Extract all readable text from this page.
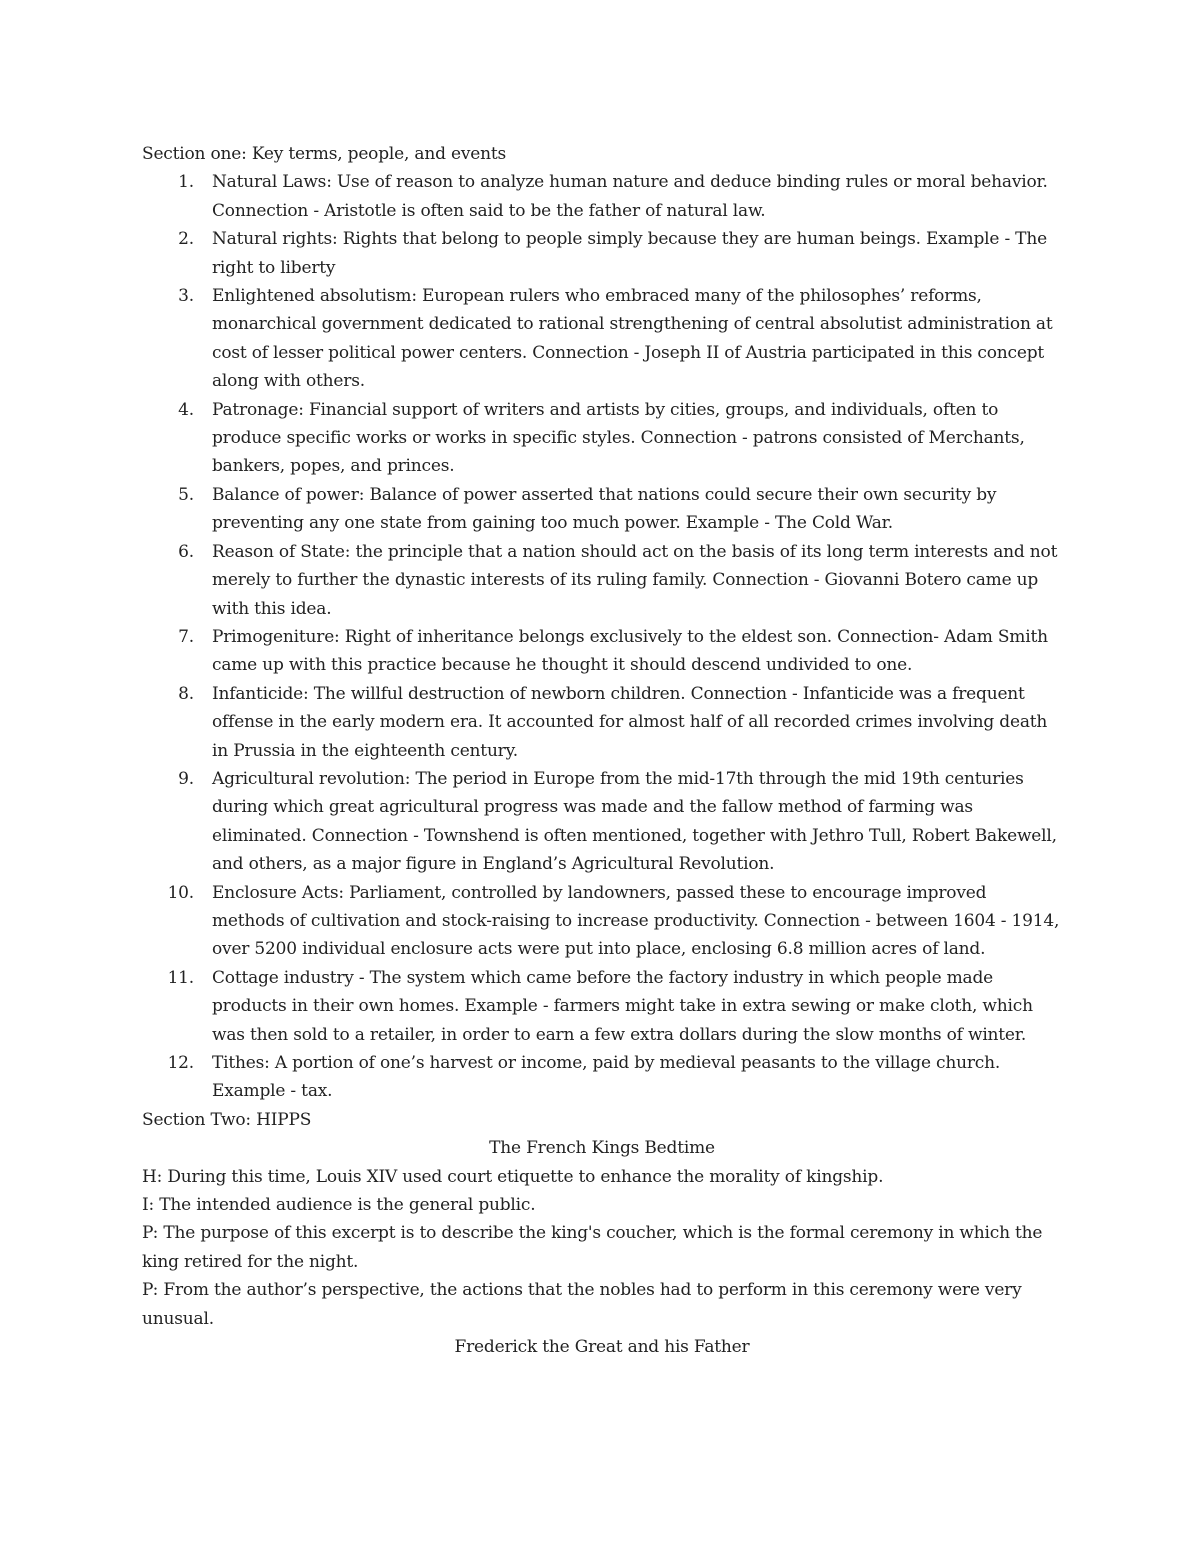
Section one: Key terms, people, and events
1. Natural Laws: Use of reason to analyze human nature and deduce binding rules or moral behavior. Connection - Aristotle is often said to be the father of natural law.
2. Natural rights: Rights that belong to people simply because they are human beings. Example - The right to liberty
3. Enlightened absolutism: European rulers who embraced many of the philosophes’ reforms, monarchical government dedicated to rational strengthening of central absolutist administration at cost of lesser political power centers. Connection - Joseph II of Austria participated in this concept along with others.
4. Patronage: Financial support of writers and artists by cities, groups, and individuals, often to produce specific works or works in specific styles. Connection - patrons consisted of Merchants, bankers, popes, and princes.
5. Balance of power: Balance of power asserted that nations could secure their own security by preventing any one state from gaining too much power. Example - The Cold War.
6. Reason of State: the principle that a nation should act on the basis of its long term interests and not merely to further the dynastic interests of its ruling family. Connection - Giovanni Botero came up with this idea.
7. Primogeniture: Right of inheritance belongs exclusively to the eldest son. Connection- Adam Smith came up with this practice because he thought it should descend undivided to one.
8. Infanticide: The willful destruction of newborn children. Connection - Infanticide was a frequent offense in the early modern era. It accounted for almost half of all recorded crimes involving death in Prussia in the eighteenth century.
9. Agricultural revolution: The period in Europe from the mid-17th through the mid 19th centuries during which great agricultural progress was made and the fallow method of farming was eliminated. Connection - Townshend is often mentioned, together with Jethro Tull, Robert Bakewell, and others, as a major figure in England’s Agricultural Revolution.
10. Enclosure Acts: Parliament, controlled by landowners, passed these to encourage improved methods of cultivation and stock-raising to increase productivity. Connection - between 1604 - 1914, over 5200 individual enclosure acts were put into place, enclosing 6.8 million acres of land.
11. Cottage industry - The system which came before the factory industry in which people made products in their own homes. Example - farmers might take in extra sewing or make cloth, which was then sold to a retailer, in order to earn a few extra dollars during the slow months of winter.
12. Tithes: A portion of one’s harvest or income, paid by medieval peasants to the village church. Example - tax.
Section Two: HIPPS
The French Kings Bedtime
H: During this time, Louis XIV used court etiquette to enhance the morality of kingship.
I: The intended audience is the general public.
P: The purpose of this excerpt is to describe the king's coucher, which is the formal ceremony in which the king retired for the night.
P: From the author’s perspective, the actions that the nobles had to perform in this ceremony were very unusual.
Frederick the Great and his Father
